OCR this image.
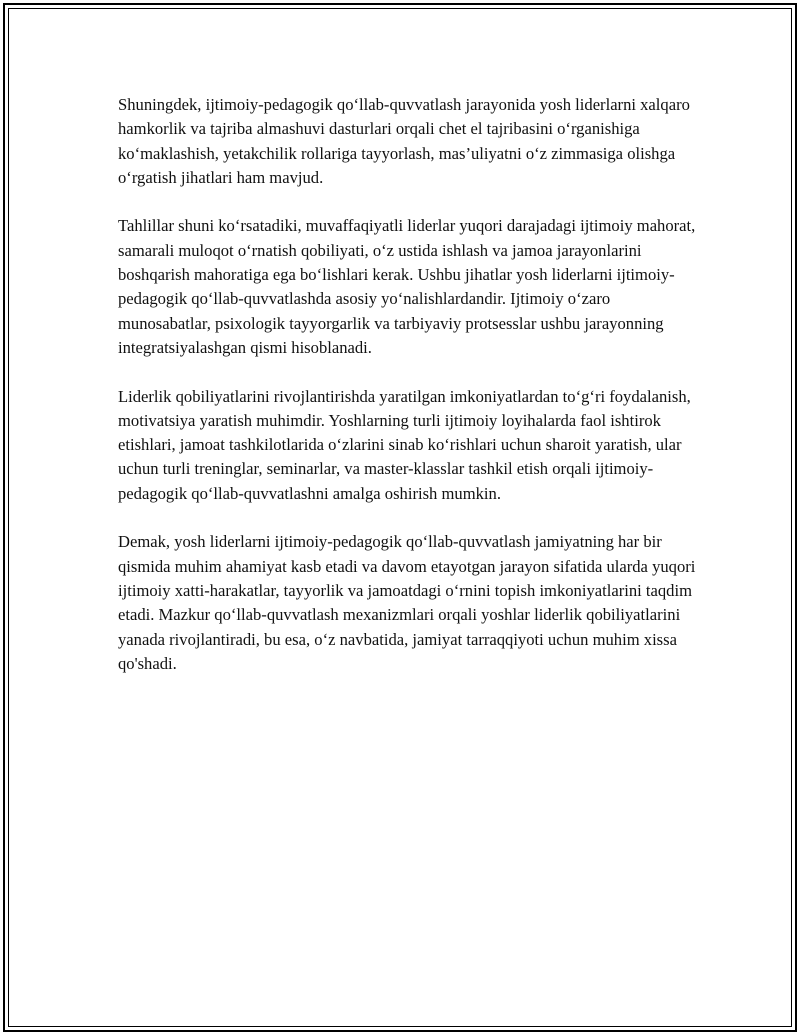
Shuningdek, ijtimoiy-pedagogik qo‘llab-quvvatlash jarayonida yosh liderlarni xalqaro hamkorlik va tajriba almashuvi dasturlari orqali chet el tajribasini o‘rganishiga ko‘maklashish, yetakchilik rollariga tayyorlash, mas’uliyatni o‘z zimmasiga olishga o‘rgatish jihatlari ham mavjud.

Tahlillar shuni ko‘rsatadiki, muvaffaqiyatli liderlar yuqori darajadagi ijtimoiy mahorat, samarali muloqot o‘rnatish qobiliyati, o‘z ustida ishlash va jamoa jarayonlarini boshqarish mahoratiga ega bo‘lishlari kerak. Ushbu jihatlar yosh liderlarni ijtimoiy-pedagogik qo‘llab-quvvatlashda asosiy yo‘nalishlardandir. Ijtimoiy o‘zaro munosabatlar, psixologik tayyorgarlik va tarbiyaviy protsesslar ushbu jarayonning integratsiyalashgan qismi hisoblanadi.

Liderlik qobiliyatlarini rivojlantirishda yaratilgan imkoniyatlardan to‘g‘ri foydalanish, motivatsiya yaratish muhimdir. Yoshlarning turli ijtimoiy loyihalarda faol ishtirok etishlari, jamoat tashkilotlarida o‘zlarini sinab ko‘rishlari uchun sharoit yaratish, ular uchun turli treninglar, seminarlar, va master-klasslar tashkil etish orqali ijtimoiy-pedagogik qo‘llab-quvvatlashni amalga oshirish mumkin.

Demak, yosh liderlarni ijtimoiy-pedagogik qo‘llab-quvvatlash jamiyatning har bir qismida muhim ahamiyat kasb etadi va davom etayotgan jarayon sifatida ularda yuqori ijtimoiy xatti-harakatlar, tayyorlik va jamoatdagi o‘rnini topish imkoniyatlarini taqdim etadi. Mazkur qo‘llab-quvvatlash mexanizmlari orqali yoshlar liderlik qobiliyatlarini yanada rivojlantiradi, bu esa, o‘z navbatida, jamiyat tarraqqiyoti uchun muhim xissa qo'shadi.
